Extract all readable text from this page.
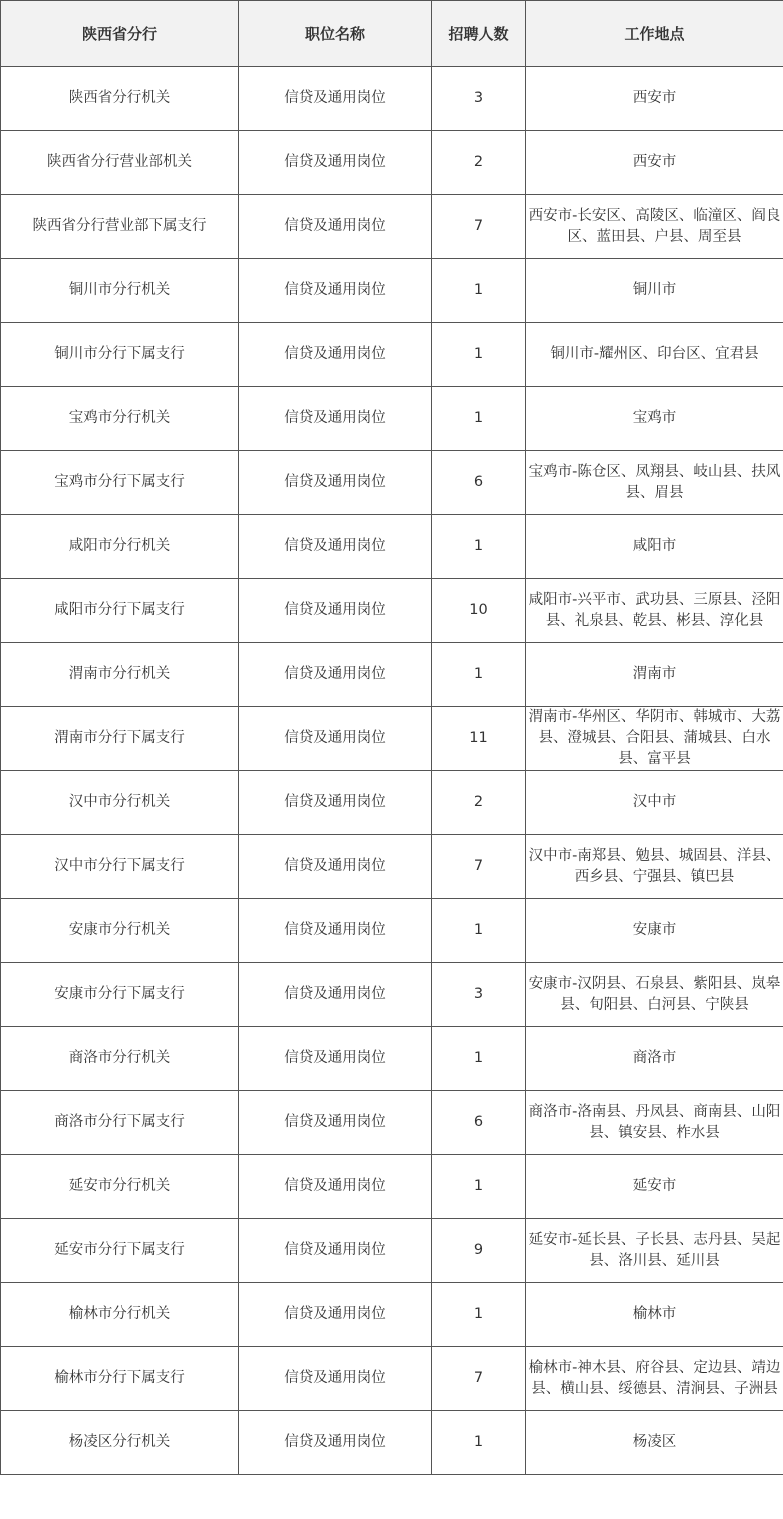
陕西省分行	职位名称	招聘人数	工作地点
陕西省分行机关	信贷及通用岗位	3	西安市
陕西省分行营业部机关	信贷及通用岗位	2	西安市
陕西省分行营业部下属支行	信贷及通用岗位	7	西安市-长安区、高陵区、临潼区、阎良区、蓝田县、户县、周至县
铜川市分行机关	信贷及通用岗位	1	铜川市
铜川市分行下属支行	信贷及通用岗位	1	铜川市-耀州区、印台区、宜君县
宝鸡市分行机关	信贷及通用岗位	1	宝鸡市
宝鸡市分行下属支行	信贷及通用岗位	6	宝鸡市-陈仓区、凤翔县、岐山县、扶风县、眉县
咸阳市分行机关	信贷及通用岗位	1	咸阳市
咸阳市分行下属支行	信贷及通用岗位	10	咸阳市-兴平市、武功县、三原县、泾阳县、礼泉县、乾县、彬县、淳化县
渭南市分行机关	信贷及通用岗位	1	渭南市
渭南市分行下属支行	信贷及通用岗位	11	渭南市-华州区、华阴市、韩城市、大荔县、澄城县、合阳县、蒲城县、白水县、富平县
汉中市分行机关	信贷及通用岗位	2	汉中市
汉中市分行下属支行	信贷及通用岗位	7	汉中市-南郑县、勉县、城固县、洋县、西乡县、宁强县、镇巴县
安康市分行机关	信贷及通用岗位	1	安康市
安康市分行下属支行	信贷及通用岗位	3	安康市-汉阴县、石泉县、紫阳县、岚皋县、旬阳县、白河县、宁陕县
商洛市分行机关	信贷及通用岗位	1	商洛市
商洛市分行下属支行	信贷及通用岗位	6	商洛市-洛南县、丹凤县、商南县、山阳县、镇安县、柞水县
延安市分行机关	信贷及通用岗位	1	延安市
延安市分行下属支行	信贷及通用岗位	9	延安市-延长县、子长县、志丹县、吴起县、洛川县、延川县
榆林市分行机关	信贷及通用岗位	1	榆林市
榆林市分行下属支行	信贷及通用岗位	7	榆林市-神木县、府谷县、定边县、靖边县、横山县、绥德县、清涧县、子洲县
杨凌区分行机关	信贷及通用岗位	1	杨凌区
